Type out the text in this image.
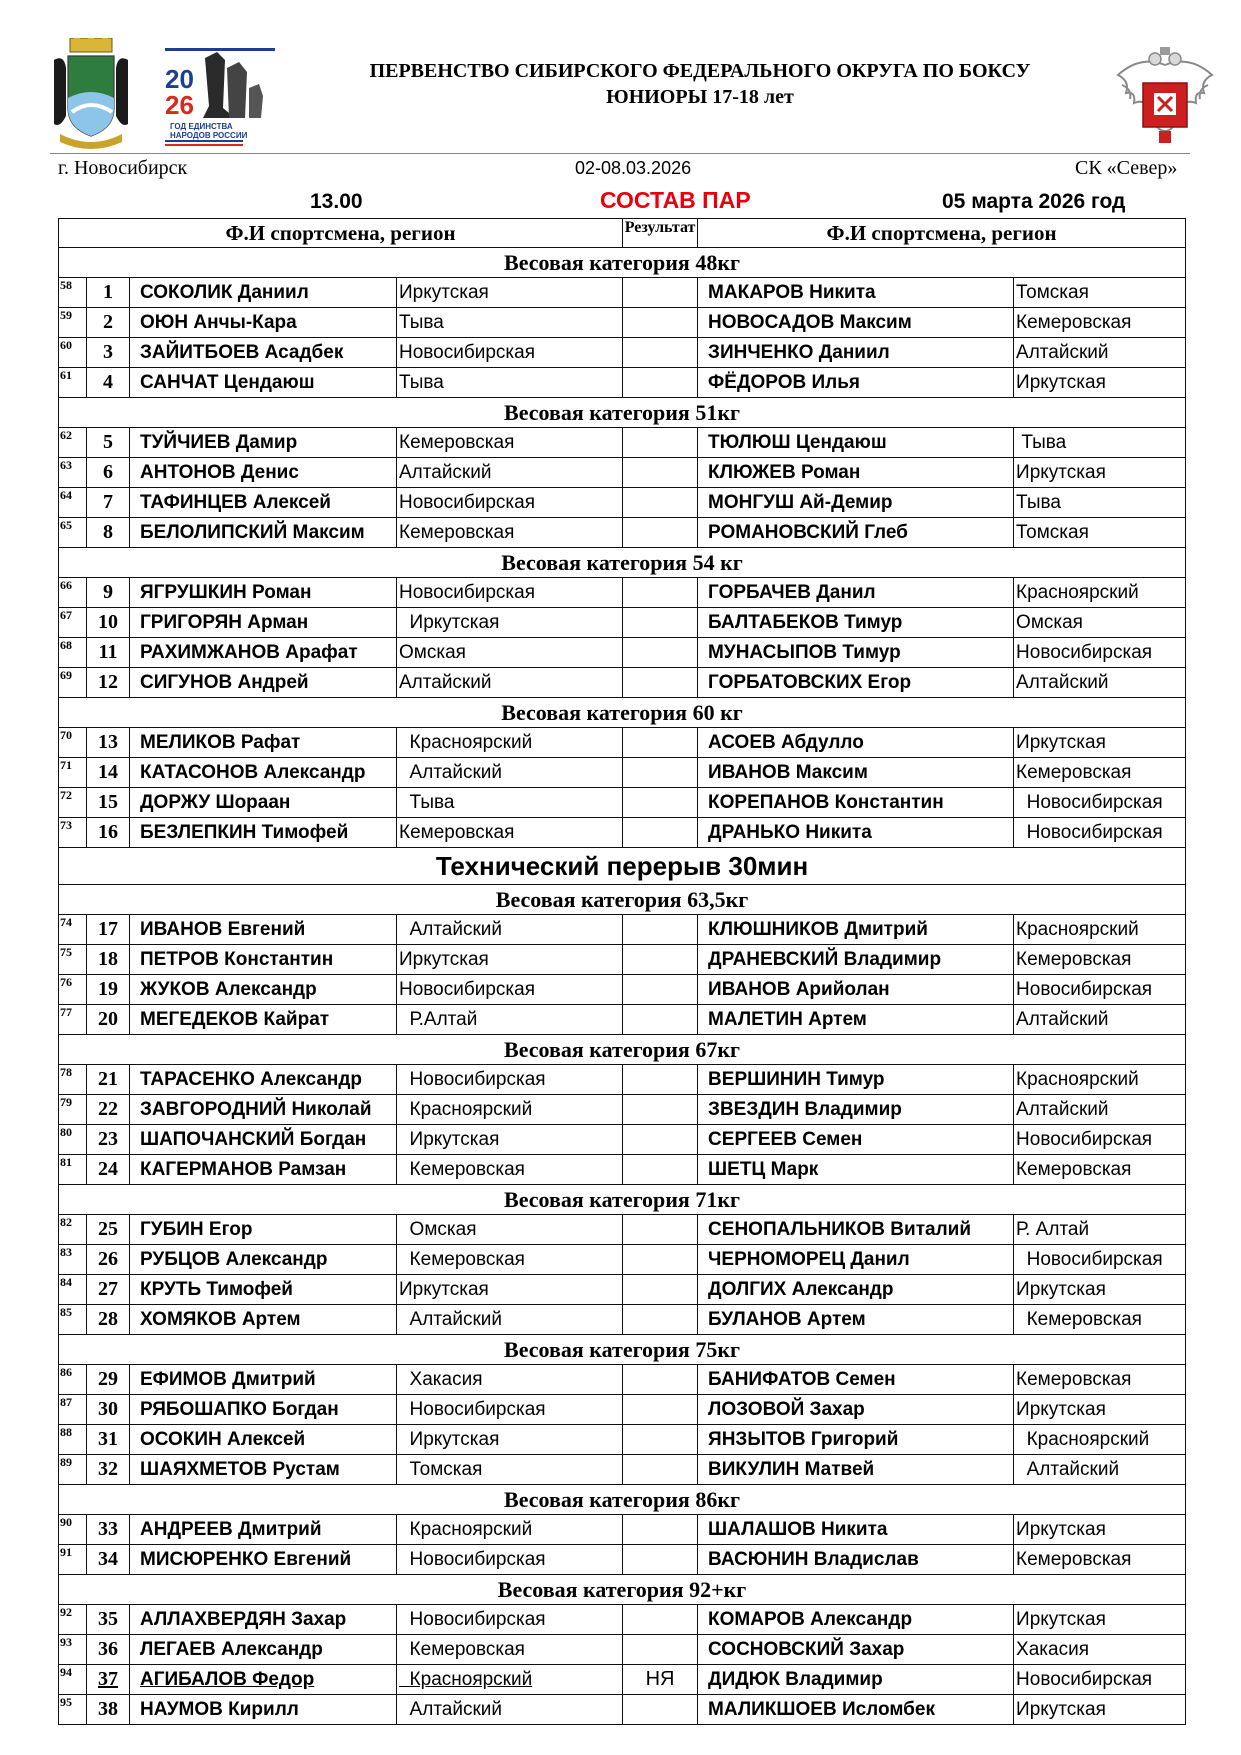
20
26
ГОД ЕДИНСТВА
НАРОДОВ РОССИИ
ПЕРВЕНСТВО СИБИРСКОГО ФЕДЕРАЛЬНОГО ОКРУГА ПО БОКСУ
ЮНИОРЫ 17-18 лет
г. Новосибирск	02-08.03.2026	СК «Север»
13.00	СОСТАВ ПАР	05 марта 2026 год
Ф.И спортсмена, регион				Результат	Ф.И спортсмена, регион	
Весовая категория 48кг						
58	1	СОКОЛИК Даниил	Иркутская		МАКАРОВ Никита	Томская
59	2	ОЮН Анчы-Кара	Тыва		НОВОСАДОВ Максим	Кемеровская
60	3	ЗАЙИТБОЕВ Асадбек	Новосибирская		ЗИНЧЕНКО Даниил	Алтайский
61	4	САНЧАТ Цендаюш	Тыва		ФЁДОРОВ Илья	Иркутская
Весовая категория 51кг						
62	5	ТУЙЧИЕВ Дамир	Кемеровская		ТЮЛЮШ Цендаюш	Тыва
63	6	АНТОНОВ Денис	Алтайский		КЛЮЖЕВ Роман	Иркутская
64	7	ТАФИНЦЕВ Алексей	Новосибирская		МОНГУШ Ай-Демир	Тыва
65	8	БЕЛОЛИПСКИЙ Максим	Кемеровская		РОМАНОВСКИЙ Глеб	Томская
Весовая категория 54 кг						
66	9	ЯГРУШКИН Роман	Новосибирская		ГОРБАЧЕВ Данил	Красноярский
67	10	ГРИГОРЯН Арман	Иркутская		БАЛТАБЕКОВ Тимур	Омская
68	11	РАХИМЖАНОВ Арафат	Омская		МУНАСЫПОВ Тимур	Новосибирская
69	12	СИГУНОВ Андрей	Алтайский		ГОРБАТОВСКИХ Егор	Алтайский
Весовая категория 60 кг						
70	13	МЕЛИКОВ Рафат	Красноярский		АСОЕВ Абдулло	Иркутская
71	14	КАТАСОНОВ Александр	Алтайский		ИВАНОВ Максим	Кемеровская
72	15	ДОРЖУ Шораан	Тыва		КОРЕПАНОВ Константин	Новосибирская
73	16	БЕЗЛЕПКИН Тимофей	Кемеровская		ДРАНЬКО Никита	Новосибирская
Технический перерыв 30мин						
Весовая категория 63,5кг						
74	17	ИВАНОВ Евгений	Алтайский		КЛЮШНИКОВ Дмитрий	Красноярский
75	18	ПЕТРОВ Константин	Иркутская		ДРАНЕВСКИЙ Владимир	Кемеровская
76	19	ЖУКОВ Александр	Новосибирская		ИВАНОВ Арийолан	Новосибирская
77	20	МЕГЕДЕКОВ Кайрат	Р.Алтай		МАЛЕТИН Артем	Алтайский
Весовая категория 67кг						
78	21	ТАРАСЕНКО Александр	Новосибирская		ВЕРШИНИН Тимур	Красноярский
79	22	ЗАВГОРОДНИЙ Николай	Красноярский		ЗВЕЗДИН Владимир	Алтайский
80	23	ШАПОЧАНСКИЙ Богдан	Иркутская		СЕРГЕЕВ Семен	Новосибирская
81	24	КАГЕРМАНОВ Рамзан	Кемеровская		ШЕТЦ Марк	Кемеровская
Весовая категория 71кг						
82	25	ГУБИН Егор	Омская		СЕНОПАЛЬНИКОВ Виталий	Р. Алтай
83	26	РУБЦОВ Александр	Кемеровская		ЧЕРНОМОРЕЦ Данил	Новосибирская
84	27	КРУТЬ Тимофей	Иркутская		ДОЛГИХ Александр	Иркутская
85	28	ХОМЯКОВ Артем	Алтайский		БУЛАНОВ Артем	Кемеровская
Весовая категория 75кг						
86	29	ЕФИМОВ Дмитрий	Хакасия		БАНИФАТОВ Семен	Кемеровская
87	30	РЯБОШАПКО Богдан	Новосибирская		ЛОЗОВОЙ Захар	Иркутская
88	31	ОСОКИН Алексей	Иркутская		ЯНЗЫТОВ Григорий	Красноярский
89	32	ШАЯХМЕТОВ Рустам	Томская		ВИКУЛИН Матвей	Алтайский
Весовая категория 86кг						
90	33	АНДРЕЕВ Дмитрий	Красноярский		ШАЛАШОВ Никита	Иркутская
91	34	МИСЮРЕНКО Евгений	Новосибирская		ВАСЮНИН Владислав	Кемеровская
Весовая категория 92+кг						
92	35	АЛЛАХВЕРДЯН Захар	Новосибирская		КОМАРОВ Александр	Иркутская
93	36	ЛЕГАЕВ Александр	Кемеровская		СОСНОВСКИЙ Захар	Хакасия
94	37	АГИБАЛОВ Федор	Красноярский	НЯ	ДИДЮК Владимир	Новосибирская
95	38	НАУМОВ Кирилл	Алтайский		МАЛИКШОЕВ Исломбек	Иркутская
